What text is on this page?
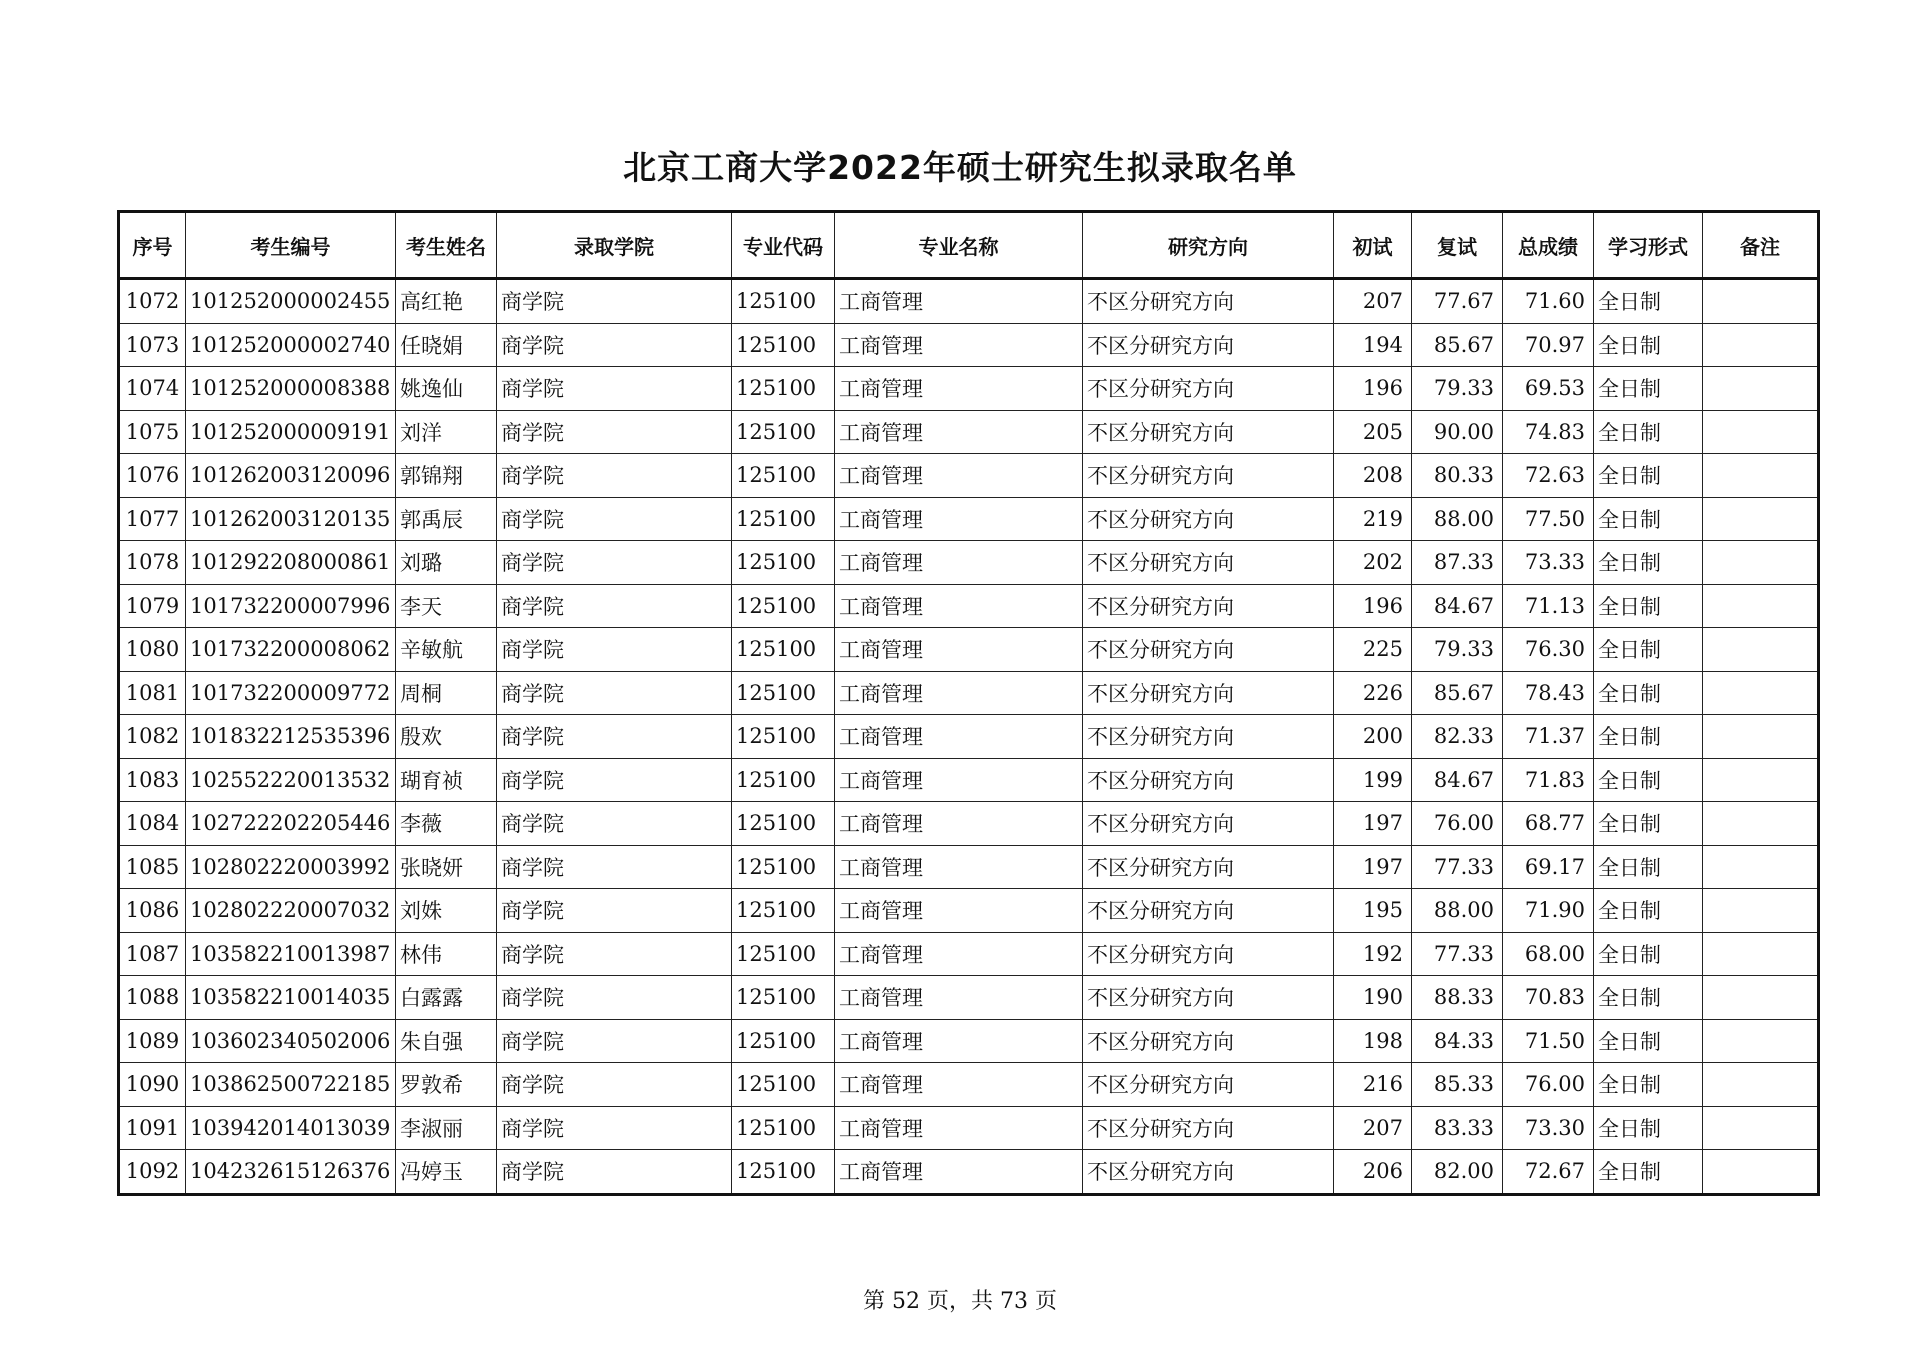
北京工商大学2022年硕士研究生拟录取名单
序号	考生编号	考生姓名	录取学院	专业代码	专业名称	研究方向	初试	复试	总成绩	学习形式	备注
1072	101252000002455	高红艳	商学院	125100	工商管理	不区分研究方向	207	77.67	71.60	全日制	
1073	101252000002740	任晓娟	商学院	125100	工商管理	不区分研究方向	194	85.67	70.97	全日制	
1074	101252000008388	姚逸仙	商学院	125100	工商管理	不区分研究方向	196	79.33	69.53	全日制	
1075	101252000009191	刘洋	商学院	125100	工商管理	不区分研究方向	205	90.00	74.83	全日制	
1076	101262003120096	郭锦翔	商学院	125100	工商管理	不区分研究方向	208	80.33	72.63	全日制	
1077	101262003120135	郭禹辰	商学院	125100	工商管理	不区分研究方向	219	88.00	77.50	全日制	
1078	101292208000861	刘璐	商学院	125100	工商管理	不区分研究方向	202	87.33	73.33	全日制	
1079	101732200007996	李天	商学院	125100	工商管理	不区分研究方向	196	84.67	71.13	全日制	
1080	101732200008062	辛敏航	商学院	125100	工商管理	不区分研究方向	225	79.33	76.30	全日制	
1081	101732200009772	周桐	商学院	125100	工商管理	不区分研究方向	226	85.67	78.43	全日制	
1082	101832212535396	殷欢	商学院	125100	工商管理	不区分研究方向	200	82.33	71.37	全日制	
1083	102552220013532	瑚育祯	商学院	125100	工商管理	不区分研究方向	199	84.67	71.83	全日制	
1084	102722202205446	李薇	商学院	125100	工商管理	不区分研究方向	197	76.00	68.77	全日制	
1085	102802220003992	张晓妍	商学院	125100	工商管理	不区分研究方向	197	77.33	69.17	全日制	
1086	102802220007032	刘姝	商学院	125100	工商管理	不区分研究方向	195	88.00	71.90	全日制	
1087	103582210013987	林伟	商学院	125100	工商管理	不区分研究方向	192	77.33	68.00	全日制	
1088	103582210014035	白露露	商学院	125100	工商管理	不区分研究方向	190	88.33	70.83	全日制	
1089	103602340502006	朱自强	商学院	125100	工商管理	不区分研究方向	198	84.33	71.50	全日制	
1090	103862500722185	罗敦希	商学院	125100	工商管理	不区分研究方向	216	85.33	76.00	全日制	
1091	103942014013039	李淑丽	商学院	125100	工商管理	不区分研究方向	207	83.33	73.30	全日制	
1092	104232615126376	冯婷玉	商学院	125100	工商管理	不区分研究方向	206	82.00	72.67	全日制	
第 52 页，共 73 页
